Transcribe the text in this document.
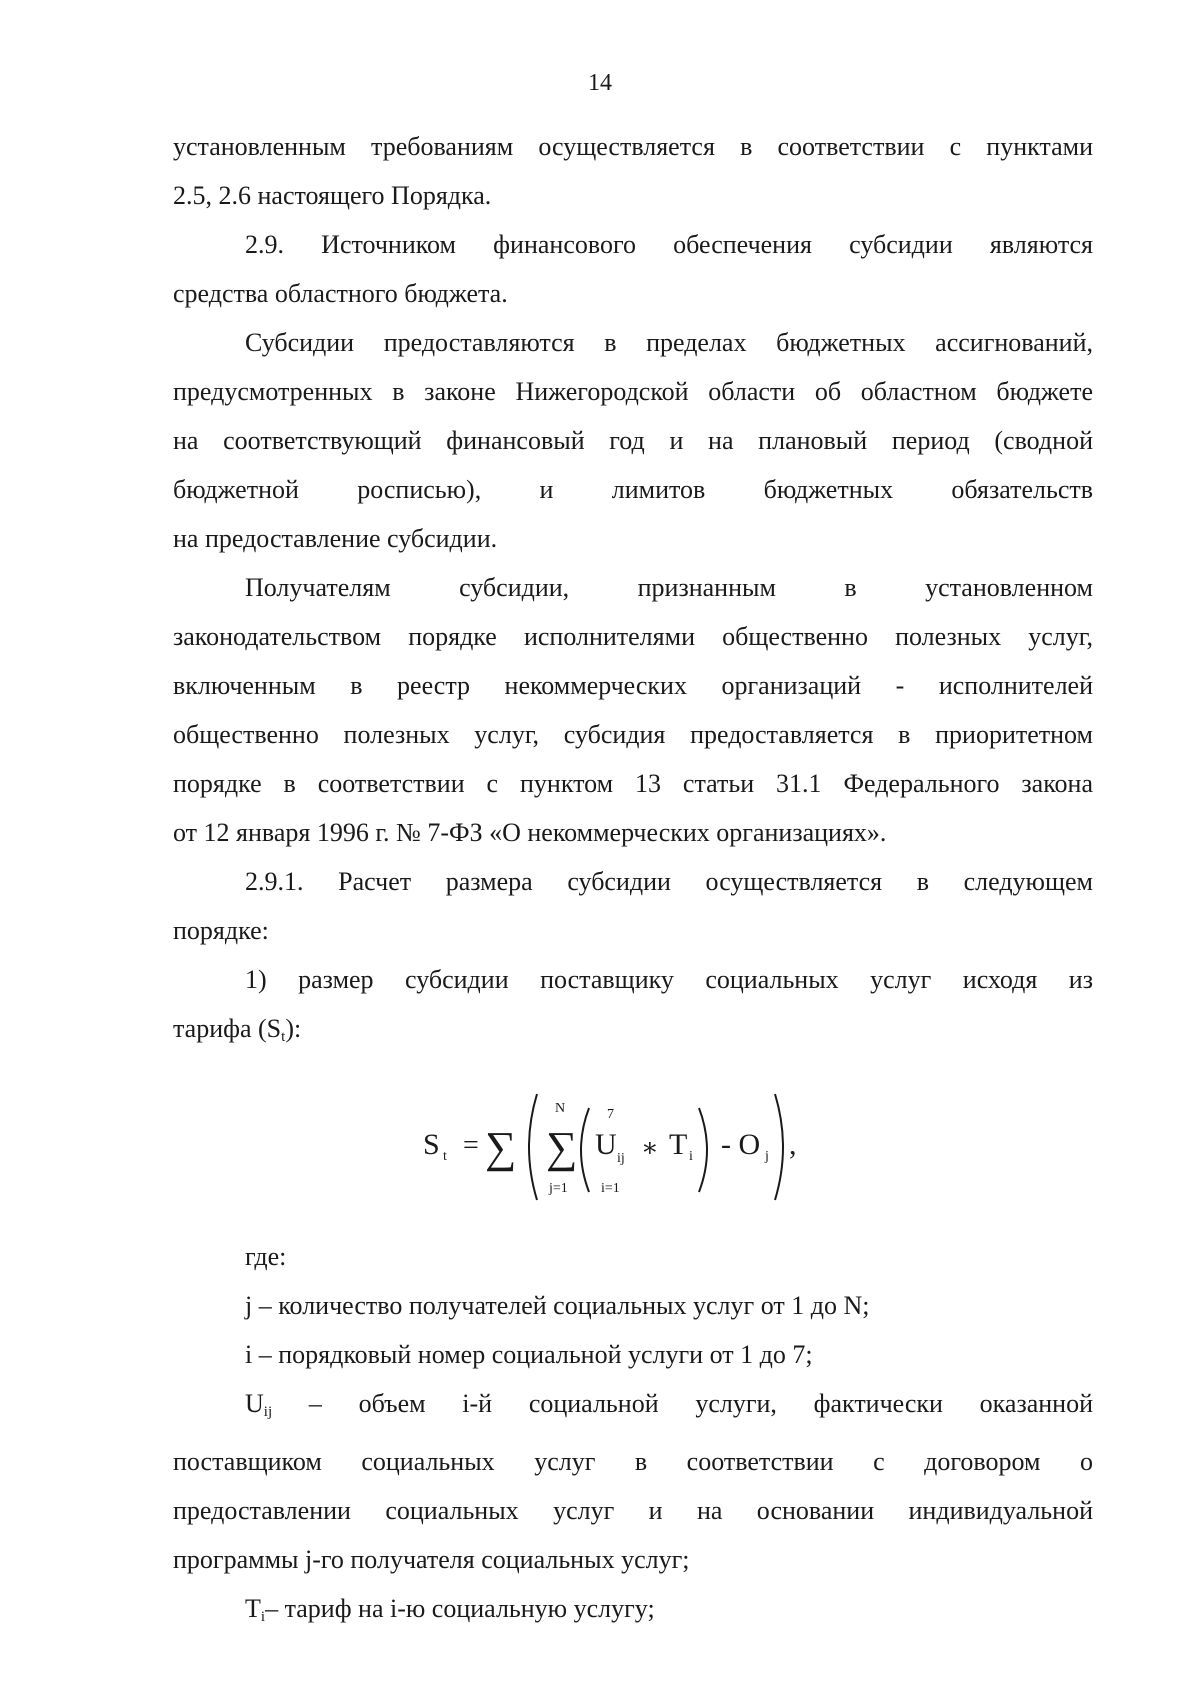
14

установленным требованиям осуществляется в соответствии с пунктами

2.5, 2.6 настоящего Порядка.

2.9. Источником финансового обеспечения субсидии являются

средства областного бюджета.

Субсидии предоставляются в пределах бюджетных ассигнований,

предусмотренных в законе Нижегородской области об областном бюджете

на соответствующий финансовый год и на плановый период (сводной

бюджетной росписью), и лимитов бюджетных обязательств

на предоставление субсидии.

Получателям субсидии, признанным в установленном

законодательством порядке исполнителями общественно полезных услуг,

включенным в реестр некоммерческих организаций - исполнителей

общественно полезных услуг, субсидия предоставляется в приоритетном

порядке в соответствии с пунктом 13 статьи 31.1 Федерального закона

от 12 января 1996 г. № 7-ФЗ «О некоммерческих организациях».

2.9.1. Расчет размера субсидии осуществляется в следующем

порядке:

1) размер субсидии поставщику социальных услуг исходя из

тарифа $(S_t)$:

S t = ∑
N
∑
j=1
7
i=1
U ij ∗ T i - O j ,

где:

j – количество получателей социальных услуг от 1 до N;

i – порядковый номер социальной услуги от 1 до 7;

$U_{ij}$ – объем i-й социальной услуги, фактически оказанной

поставщиком социальных услуг в соответствии с договором о

предоставлении социальных услуг и на основании индивидуальной

программы j-го получателя социальных услуг;

$T_i-$ тариф на i-ю социальную услугу;
